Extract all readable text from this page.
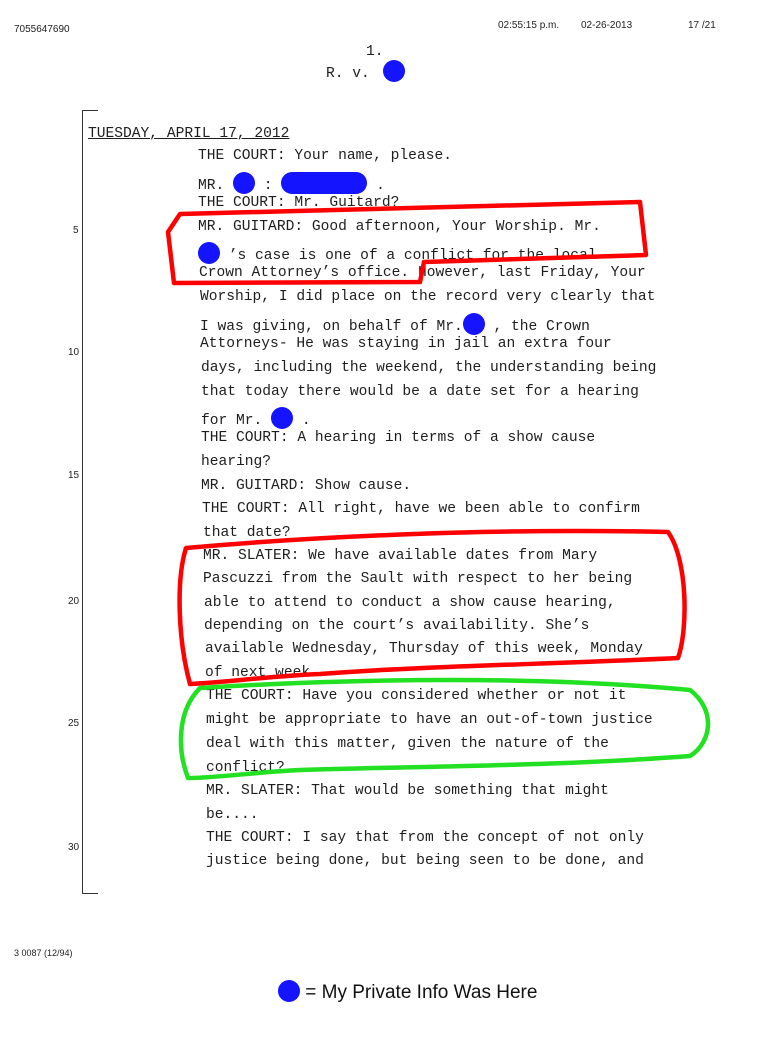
7055647690	02:55:15 p.m. 02-26-2013	17 /21
1.
R. v.
TUESDAY, APRIL 17, 2012
THE COURT: Your name, please.
MR.  :	.
THE COURT: Mr. Guitard?
MR. GUITARD: Good afternoon, Your Worship. Mr.
’s case is one of a conflict for the local
Crown Attorney’s office. However, last Friday, Your
Worship, I did place on the record very clearly that
I was giving, on behalf of Mr. , the Crown
Attorneys- He was staying in jail an extra four
days, including the weekend, the understanding being
that today there would be a date set for a hearing
for Mr.  .
THE COURT: A hearing in terms of a show cause
hearing?
MR. GUITARD: Show cause.
THE COURT: All right, have we been able to confirm
that date?
MR. SLATER: We have available dates from Mary
Pascuzzi from the Sault with respect to her being
able to attend to conduct a show cause hearing,
depending on the court’s availability. She’s
available Wednesday, Thursday of this week, Monday
of next week.
THE COURT: Have you considered whether or not it
might be appropriate to have an out-of-town justice
deal with this matter, given the nature of the
conflict?
MR. SLATER: That would be something that might
be....
THE COURT: I say that from the concept of not only
justice being done, but being seen to be done, and
5
10
15
20
25
30
3 0087 (12/94)
= My Private Info Was Here
